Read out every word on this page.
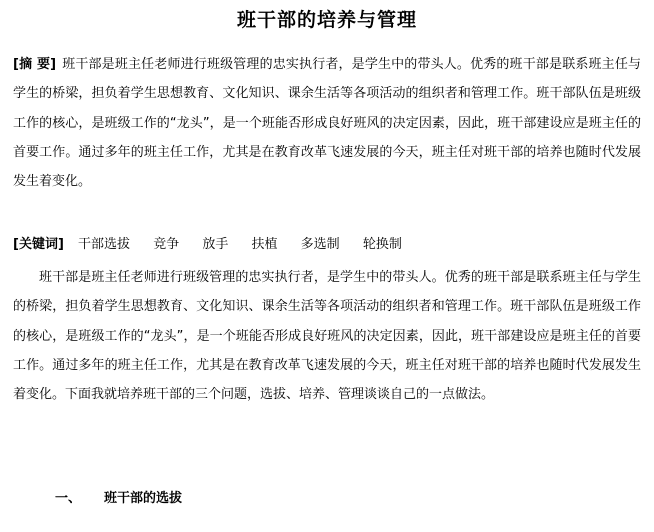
班干部的培养与管理

[摘 要] 班干部是班主任老师进行班级管理的忠实执行者，是学生中的带头人。优秀的班干部是联系班主任与学生的桥梁，担负着学生思想教育、文化知识、课余生活等各项活动的组织者和管理工作。班干部队伍是班级工作的核心，是班级工作的“龙头”，是一个班能否形成良好班风的决定因素，因此，班干部建设应是班主任的首要工作。通过多年的班主任工作，尤其是在教育改革飞速发展的今天，班主任对班干部的培养也随时代发展发生着变化。

[关键词] 干部选拔 竞争 放手 扶植 多选制 轮换制

班干部是班主任老师进行班级管理的忠实执行者，是学生中的带头人。优秀的班干部是联系班主任与学生的桥梁，担负着学生思想教育、文化知识、课余生活等各项活动的组织者和管理工作。班干部队伍是班级工作的核心，是班级工作的“龙头”，是一个班能否形成良好班风的决定因素，因此，班干部建设应是班主任的首要工作。通过多年的班主任工作，尤其是在教育改革飞速发展的今天，班主任对班干部的培养也随时代发展发生着变化。下面我就培养班干部的三个问题，选拔、培养、管理谈谈自己的一点做法。

一、 班干部的选拔
